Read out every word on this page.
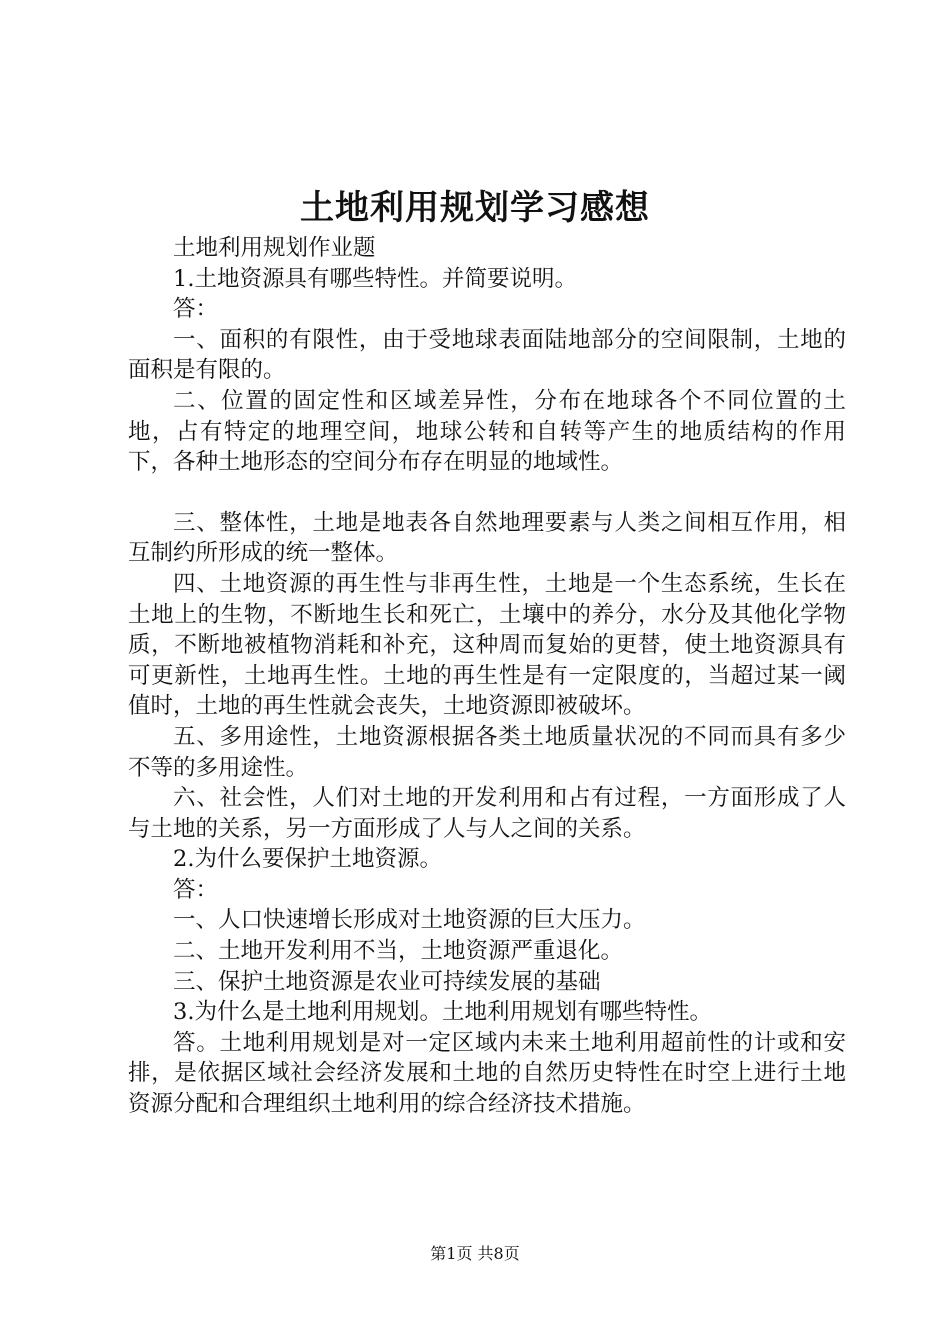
土地利用规划学习感想

土地利用规划作业题

1.土地资源具有哪些特性。并简要说明。

答：

一、面积的有限性，由于受地球表面陆地部分的空间限制，土地的面积是有限的。

二、位置的固定性和区域差异性，分布在地球各个不同位置的土地，占有特定的地理空间，地球公转和自转等产生的地质结构的作用下，各种土地形态的空间分布存在明显的地域性。

三、整体性，土地是地表各自然地理要素与人类之间相互作用，相互制约所形成的统一整体。

四、土地资源的再生性与非再生性，土地是一个生态系统，生长在土地上的生物，不断地生长和死亡，土壤中的养分，水分及其他化学物质，不断地被植物消耗和补充，这种周而复始的更替，使土地资源具有可更新性，土地再生性。土地的再生性是有一定限度的，当超过某一阈值时，土地的再生性就会丧失，土地资源即被破坏。

五、多用途性，土地资源根据各类土地质量状况的不同而具有多少不等的多用途性。

六、社会性，人们对土地的开发利用和占有过程，一方面形成了人与土地的关系，另一方面形成了人与人之间的关系。

2.为什么要保护土地资源。

答：

一、人口快速增长形成对土地资源的巨大压力。

二、土地开发利用不当，土地资源严重退化。

三、保护土地资源是农业可持续发展的基础

3.为什么是土地利用规划。土地利用规划有哪些特性。

答。土地利用规划是对一定区域内未来土地利用超前性的计或和安排，是依据区域社会经济发展和土地的自然历史特性在时空上进行土地资源分配和合理组织土地利用的综合经济技术措施。

第1页 共8页
